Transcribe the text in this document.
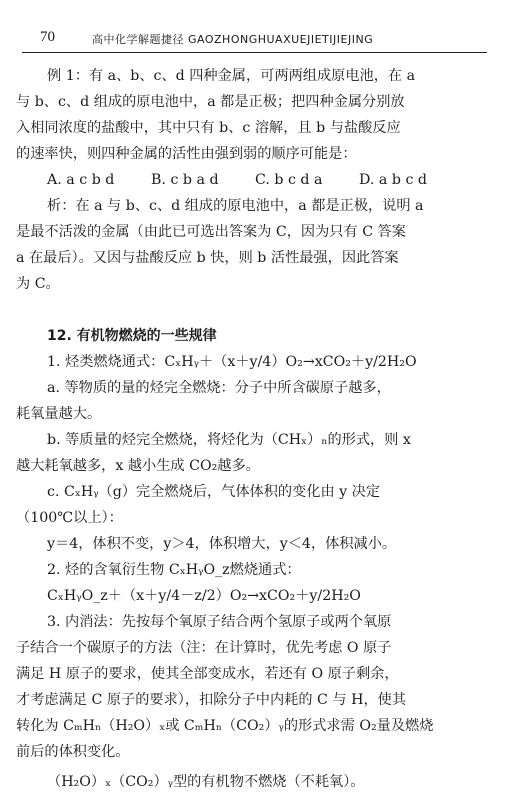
70	高中化学解题捷径 GAOZHONGHUAXUEJIETIJIEJING
例 1：有 a、b、c、d 四种金属，可两两组成原电池，在 a
与 b、c、d 组成的原电池中，a 都是正极；把四种金属分别放
入相同浓度的盐酸中，其中只有 b、c 溶解，且 b 与盐酸反应
的速率快，则四种金属的活性由强到弱的顺序可能是：
A. a c b d	B. c b a d	C. b c d a	D. a b c d
析：在 a 与 b、c、d 组成的原电池中，a 都是正极，说明 a
是最不活泼的金属（由此已可选出答案为 C，因为只有 C 答案
a 在最后）。又因与盐酸反应 b 快，则 b 活性最强，因此答案
为 C。
12. 有机物燃烧的一些规律
1. 烃类燃烧通式：CₓHᵧ＋（x＋y/4）O₂→xCO₂＋y/2H₂O
a. 等物质的量的烃完全燃烧：分子中所含碳原子越多，
耗氧量越大。
b. 等质量的烃完全燃烧，将烃化为（CHₓ）ₙ的形式，则 x
越大耗氧越多，x 越小生成 CO₂越多。
c. CₓHᵧ（g）完全燃烧后，气体体积的变化由 y 决定
（100℃以上）：
y＝4，体积不变，y＞4，体积增大，y＜4，体积减小。
2. 烃的含氧衍生物 CₓHᵧO_z燃烧通式：
CₓHᵧO_z＋（x＋y/4－z/2）O₂→xCO₂＋y/2H₂O
3. 内消法：先按每个氧原子结合两个氢原子或两个氧原
子结合一个碳原子的方法（注：在计算时，优先考虑 O 原子
满足 H 原子的要求，使其全部变成水，若还有 O 原子剩余，
才考虑满足 C 原子的要求），扣除分子中内耗的 C 与 H，使其
转化为 CₘHₙ（H₂O）ₓ或 CₘHₙ（CO₂）ᵧ的形式求需 O₂量及燃烧
前后的体积变化。
（H₂O）ₓ（CO₂）ᵧ型的有机物不燃烧（不耗氧）。
